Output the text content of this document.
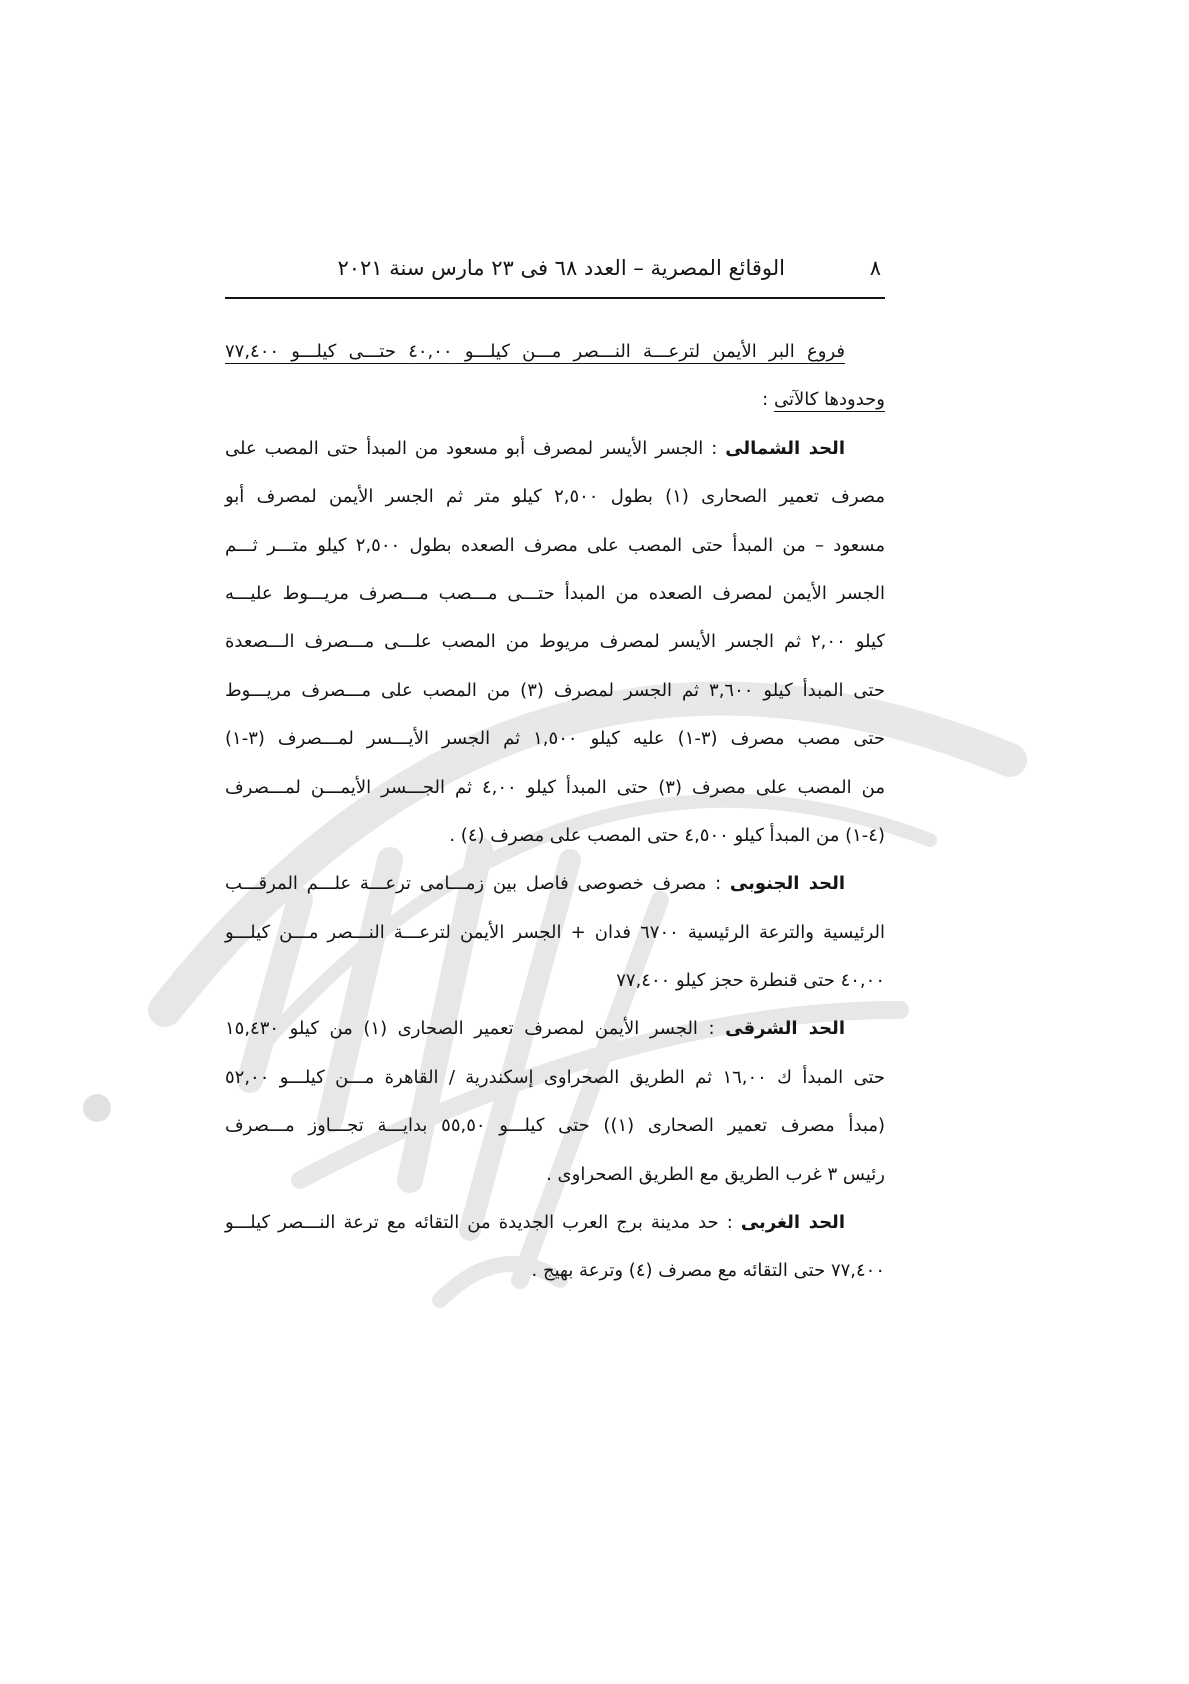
٨
الوقائع المصرية – العدد ٦٨ فى ٢٣ مارس سنة ٢٠٢١
فروع البر الأيمن لترعـــة النـــصر مـــن كيلـــو ٤٠,٠٠ حتـــى كيلـــو ٧٧,٤٠٠
وحدودها كالآتى :
الحد الشمالى : الجسر الأيسر لمصرف أبو مسعود من المبدأ حتى المصب على
مصرف تعمير الصحارى (١) بطول ٢,٥٠٠ كيلو متر ثم الجسر الأيمن لمصرف أبو
مسعود – من المبدأ حتى المصب على مصرف الصعده بطول ٢,٥٠٠ كيلو متـــر ثـــم
الجسر الأيمن لمصرف الصعده من المبدأ حتـــى مـــصب مـــصرف مريـــوط عليـــه
كيلو ٢,٠٠ ثم الجسر الأيسر لمصرف مريوط من المصب علـــى مـــصرف الـــصعدة
حتى المبدأ كيلو ٣,٦٠٠ ثم الجسر لمصرف (٣) من المصب على مـــصرف مريـــوط
حتى مصب مصرف (٣-١) عليه كيلو ١,٥٠٠ ثم الجسر الأيـــسر لمـــصرف (٣-١)
من المصب على مصرف (٣) حتى المبدأ كيلو ٤,٠٠ ثم الجـــسر الأيمـــن لمـــصرف
(٤-١) من المبدأ كيلو ٤,٥٠٠ حتى المصب على مصرف (٤) .
الحد الجنوبى : مصرف خصوصى فاصل بين زمـــامى ترعـــة علـــم المرقـــب
الرئيسية والترعة الرئيسية ٦٧٠٠ فدان + الجسر الأيمن لترعـــة النـــصر مـــن كيلـــو
٤٠,٠٠ حتى قنطرة حجز كيلو ٧٧,٤٠٠
الحد الشرقى : الجسر الأيمن لمصرف تعمير الصحارى (١) من كيلو ١٥,٤٣٠
حتى المبدأ ك ١٦,٠٠ ثم الطريق الصحراوى إسكندرية / القاهرة مـــن كيلـــو ٥٢,٠٠
(مبدأ مصرف تعمير الصحارى (١)) حتى كيلـــو ٥٥,٥٠ بدايـــة تجـــاوز مـــصرف
رئيس ٣ غرب الطريق مع الطريق الصحراوى .
الحد الغربى : حد مدينة برج العرب الجديدة من التقائه مع ترعة النـــصر كيلـــو
٧٧,٤٠٠ حتى التقائه مع مصرف (٤) وترعة بهيج .
